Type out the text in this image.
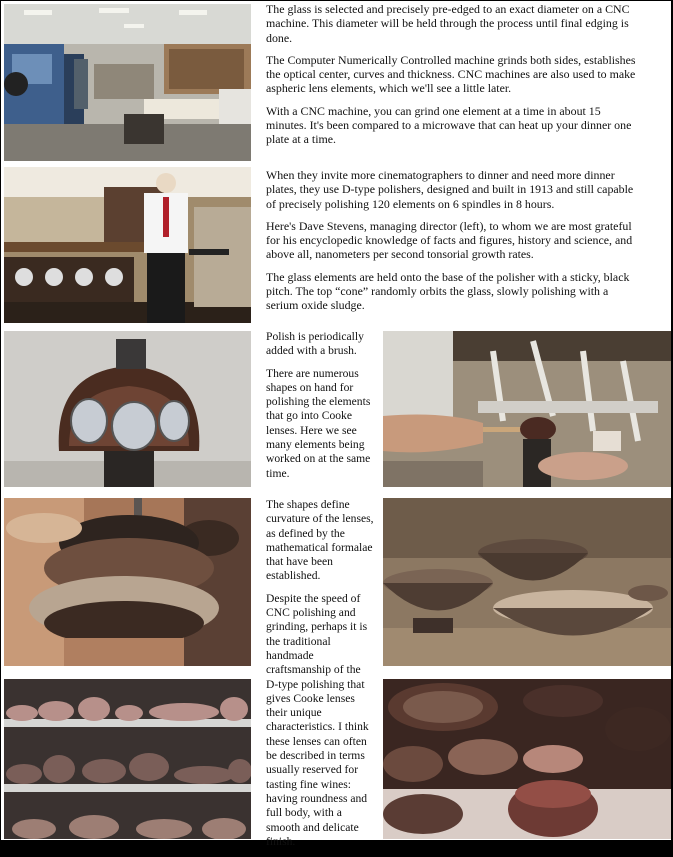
The glass is selected and precisely pre-edged to an exact diameter on a CNC machine. This diameter will be held through the process until final edging is done.

The Computer Numerically Controlled machine grinds both sides, establishes the optical center, curves and thickness. CNC machines are also used to make aspheric lens elements, which we'll see a little later.

With a CNC machine, you can grind one element at a time in about 15 minutes. It's been compared to a microwave that can heat up your dinner one plate at a time.

When they invite more cinematographers to dinner and need more dinner plates, they use D-type polishers, designed and built in 1913 and still capable of precisely polishing 120 elements on 6 spindles in 8 hours.

Here's Dave Stevens, managing director (left), to whom we are most grateful for his encyclopedic knowledge of facts and figures, history and science, and above all, nanometers per second tonsorial growth rates.

The glass elements are held onto the base of the polisher with a sticky, black pitch. The top “cone” randomly orbits the glass, slowly polishing with a serium oxide sludge.

Polish is periodically added with a brush.

There are numerous shapes on hand for polishing the elements that go into Cooke lenses. Here we see many elements being worked on at the same time.

The shapes define curvature of the lenses, as defined by the mathematical formalae that have been established.

Despite the speed of CNC polishing and grinding, perhaps it is the traditional handmade craftsmanship of the D-type polishing that gives Cooke lenses their unique characteristics. I think these lenses can often be described in terms usually reserved for tasting fine wines: having roundness and full body, with a smooth and delicate finish.
